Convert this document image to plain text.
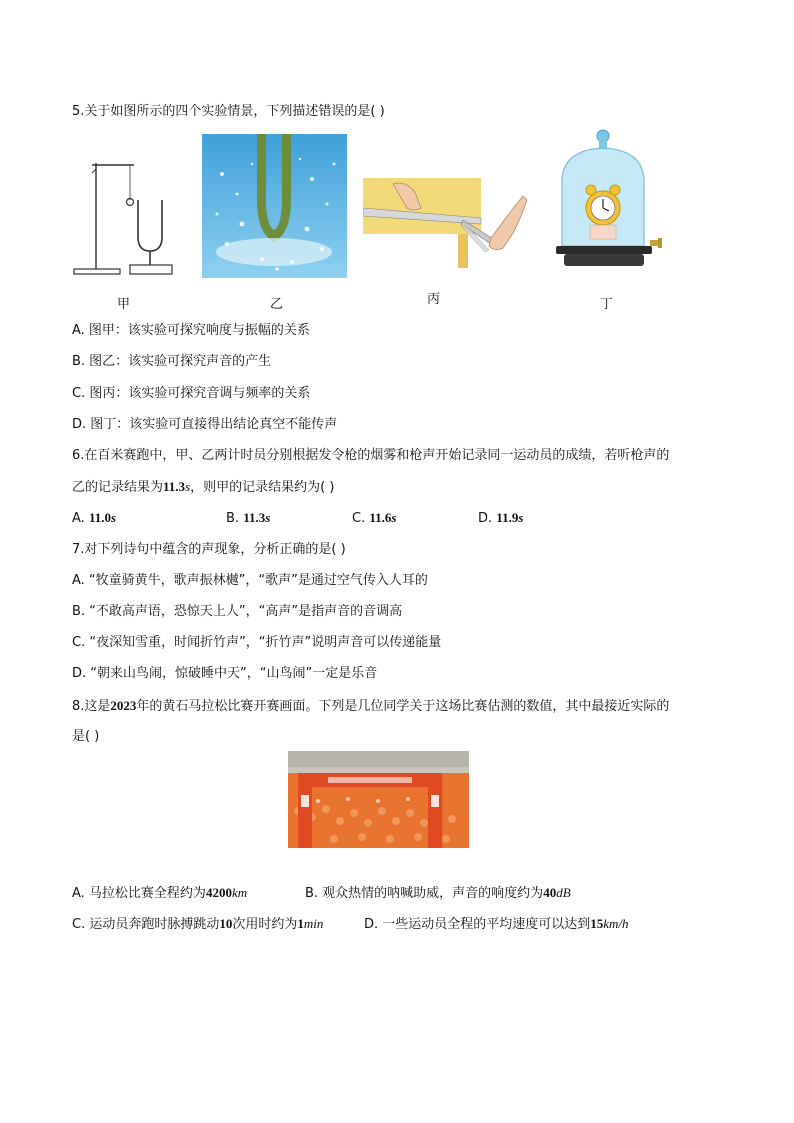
5.关于如图所示的四个实验情景，下列描述错误的是( )
甲	乙	丙	丁
A. 图甲：该实验可探究响度与振幅的关系
B. 图乙：该实验可探究声音的产生
C. 图丙：该实验可探究音调与频率的关系
D. 图丁：该实验可直接得出结论真空不能传声
6.在百米赛跑中，甲、乙两计时员分别根据发令枪的烟雾和枪声开始记录同一运动员的成绩，若听枪声的
乙的记录结果为11.3s，则甲的记录结果约为( )
A. 11.0s	B. 11.3s	C. 11.6s	D. 11.9s
7.对下列诗句中蕴含的声现象，分析正确的是( )
A. “牧童骑黄牛，歌声振林樾”，“歌声”是通过空气传入人耳的
B. “不敢高声语，恐惊天上人”，“高声”是指声音的音调高
C. “夜深知雪重，时闻折竹声”，“折竹声”说明声音可以传递能量
D. “朝来山鸟闹，惊破睡中天”，“山鸟闹”一定是乐音
8.这是2023年的黄石马拉松比赛开赛画面。下列是几位同学关于这场比赛估测的数值，其中最接近实际的
是( )
A. 马拉松比赛全程约为4200km	B. 观众热情的呐喊助威，声音的响度约为40dB
C. 运动员奔跑时脉搏跳动10次用时约为1min	D. 一些运动员全程的平均速度可以达到15km/h
